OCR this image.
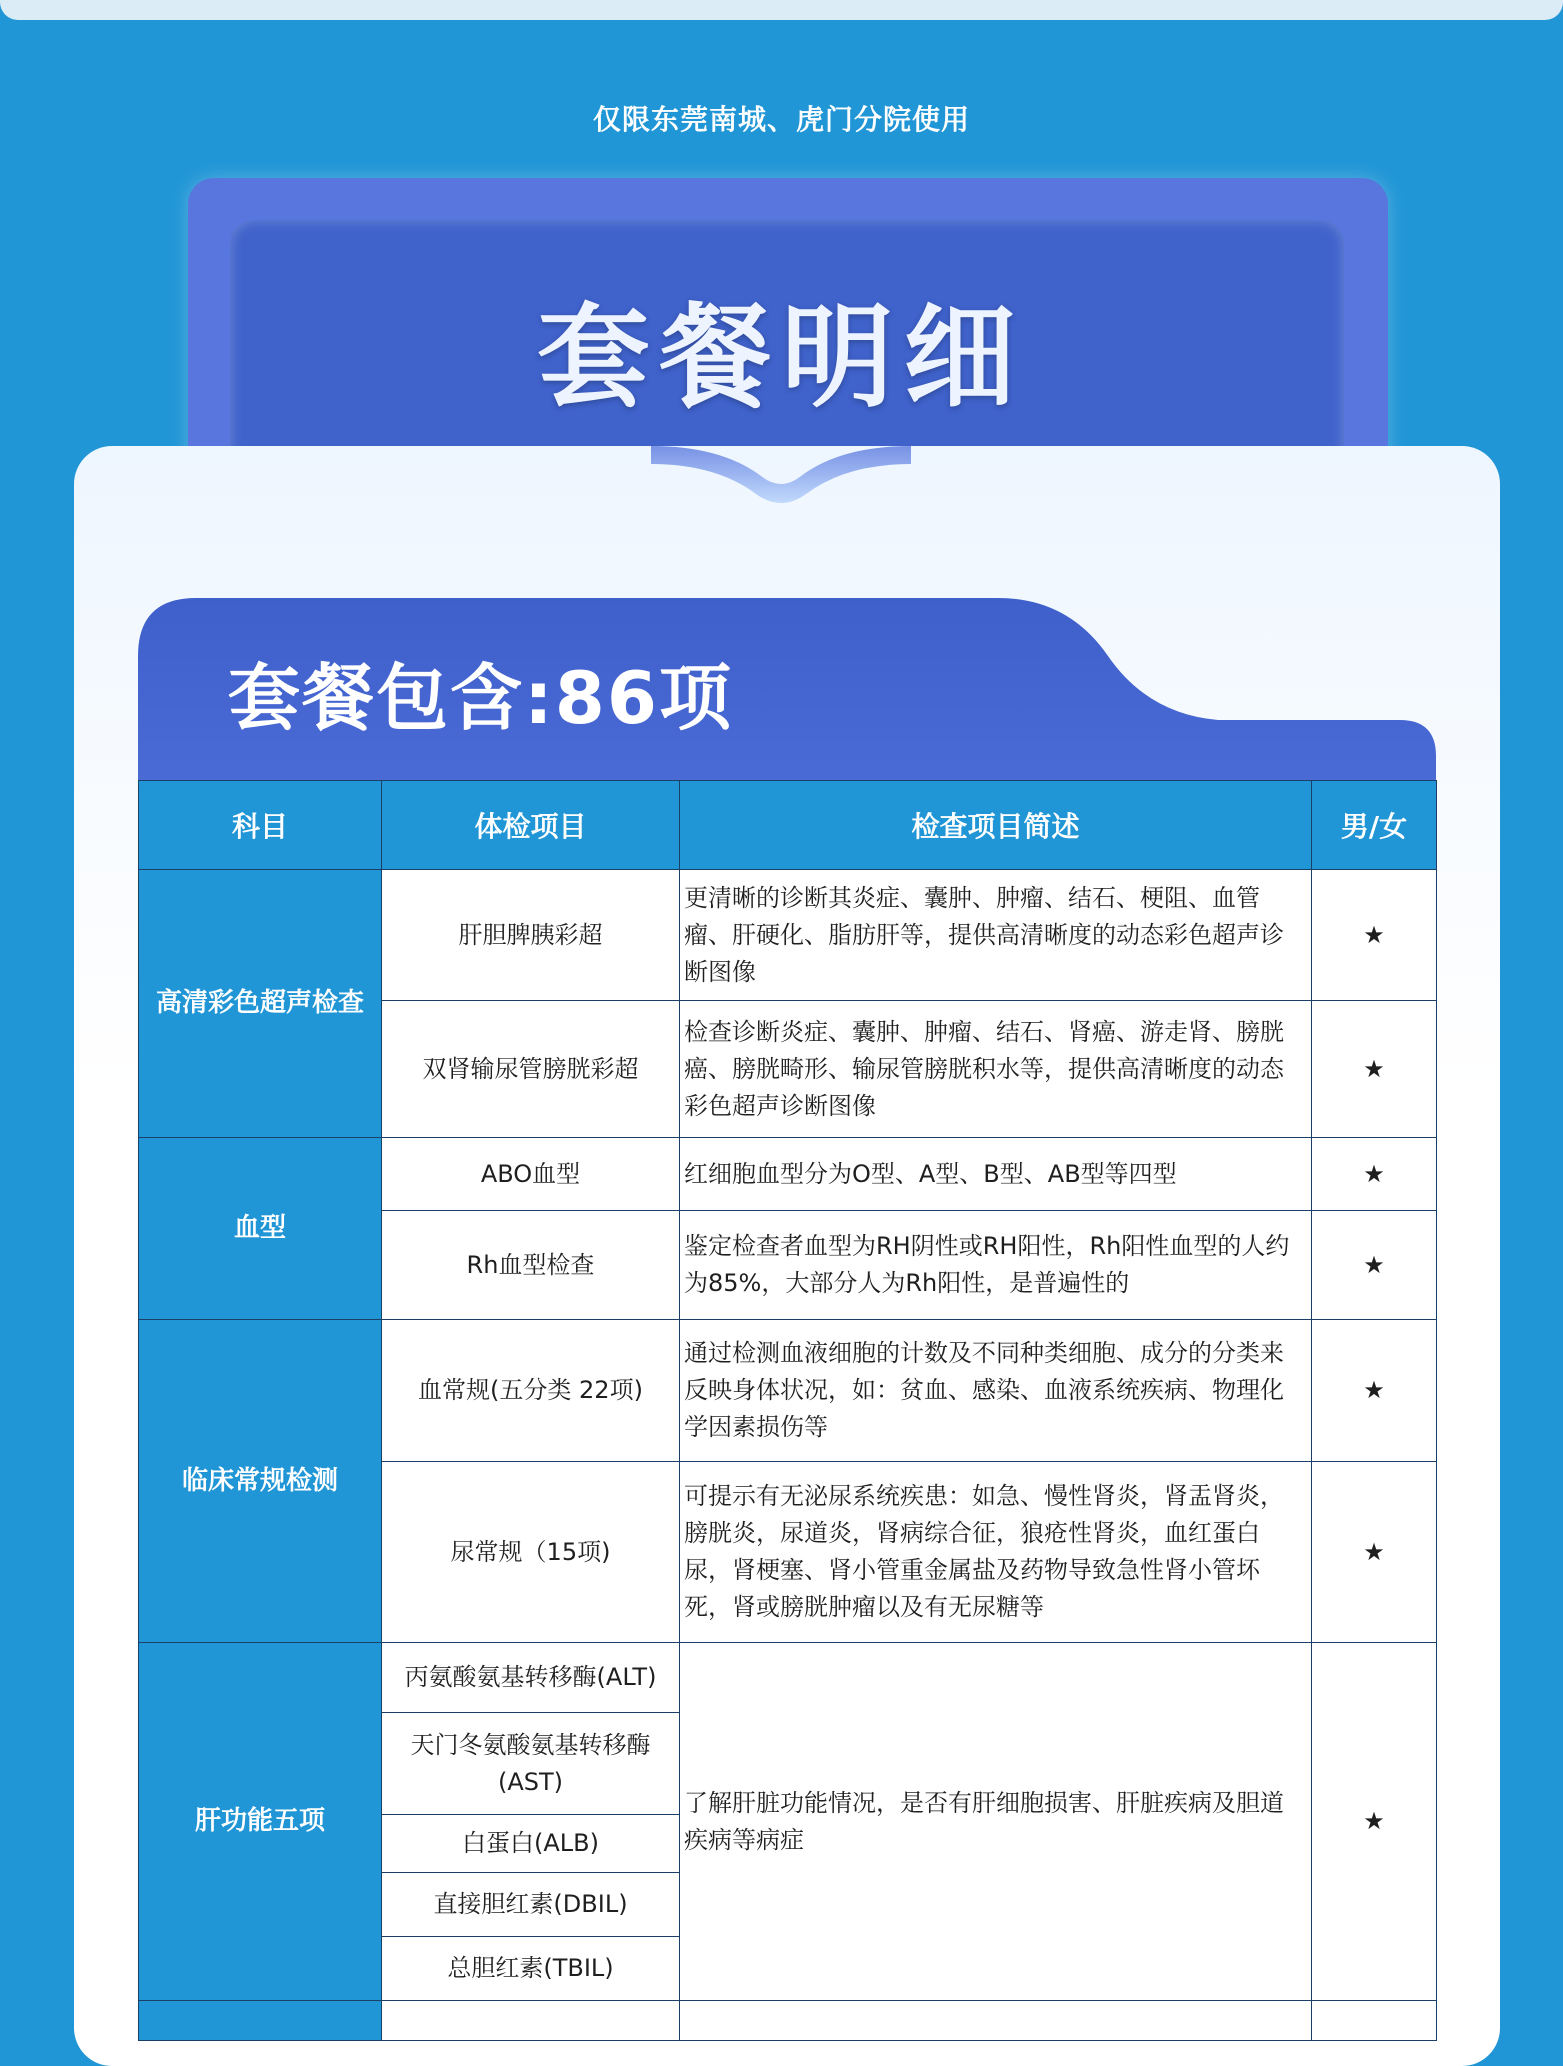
仅限东莞南城、虎门分院使用
套餐明细
套餐包含:86项
科目	体检项目	检查项目简述	男/女
高清彩色超声检查	肝胆脾胰彩超	更清晰的诊断其炎症、囊肿、肿瘤、结石、梗阻、血管瘤、肝硬化、脂肪肝等，提供高清晰度的动态彩色超声诊断图像	★
	双肾输尿管膀胱彩超	检查诊断炎症、囊肿、肿瘤、结石、肾癌、游走肾、膀胱癌、膀胱畸形、输尿管膀胱积水等，提供高清晰度的动态彩色超声诊断图像	★
血型	ABO血型	红细胞血型分为O型、A型、B型、AB型等四型	★
	Rh血型检查	鉴定检查者血型为RH阴性或RH阳性，Rh阳性血型的人约为85%，大部分人为Rh阳性，是普遍性的	★
临床常规检测	血常规(五分类 22项)	通过检测血液细胞的计数及不同种类细胞、成分的分类来反映身体状况，如：贫血、感染、血液系统疾病、物理化学因素损伤等	★
	尿常规（15项)	可提示有无泌尿系统疾患：如急、慢性肾炎，肾盂肾炎，膀胱炎，尿道炎，肾病综合征，狼疮性肾炎，血红蛋白尿，肾梗塞、肾小管重金属盐及药物导致急性肾小管坏死，肾或膀胱肿瘤以及有无尿糖等	★
肝功能五项	丙氨酸氨基转移酶(ALT)	了解肝脏功能情况，是否有肝细胞损害、肝脏疾病及胆道疾病等病症	★
	天门冬氨酸氨基转移酶(AST)		
	白蛋白(ALB)		
	直接胆红素(DBIL)		
	总胆红素(TBIL)		
